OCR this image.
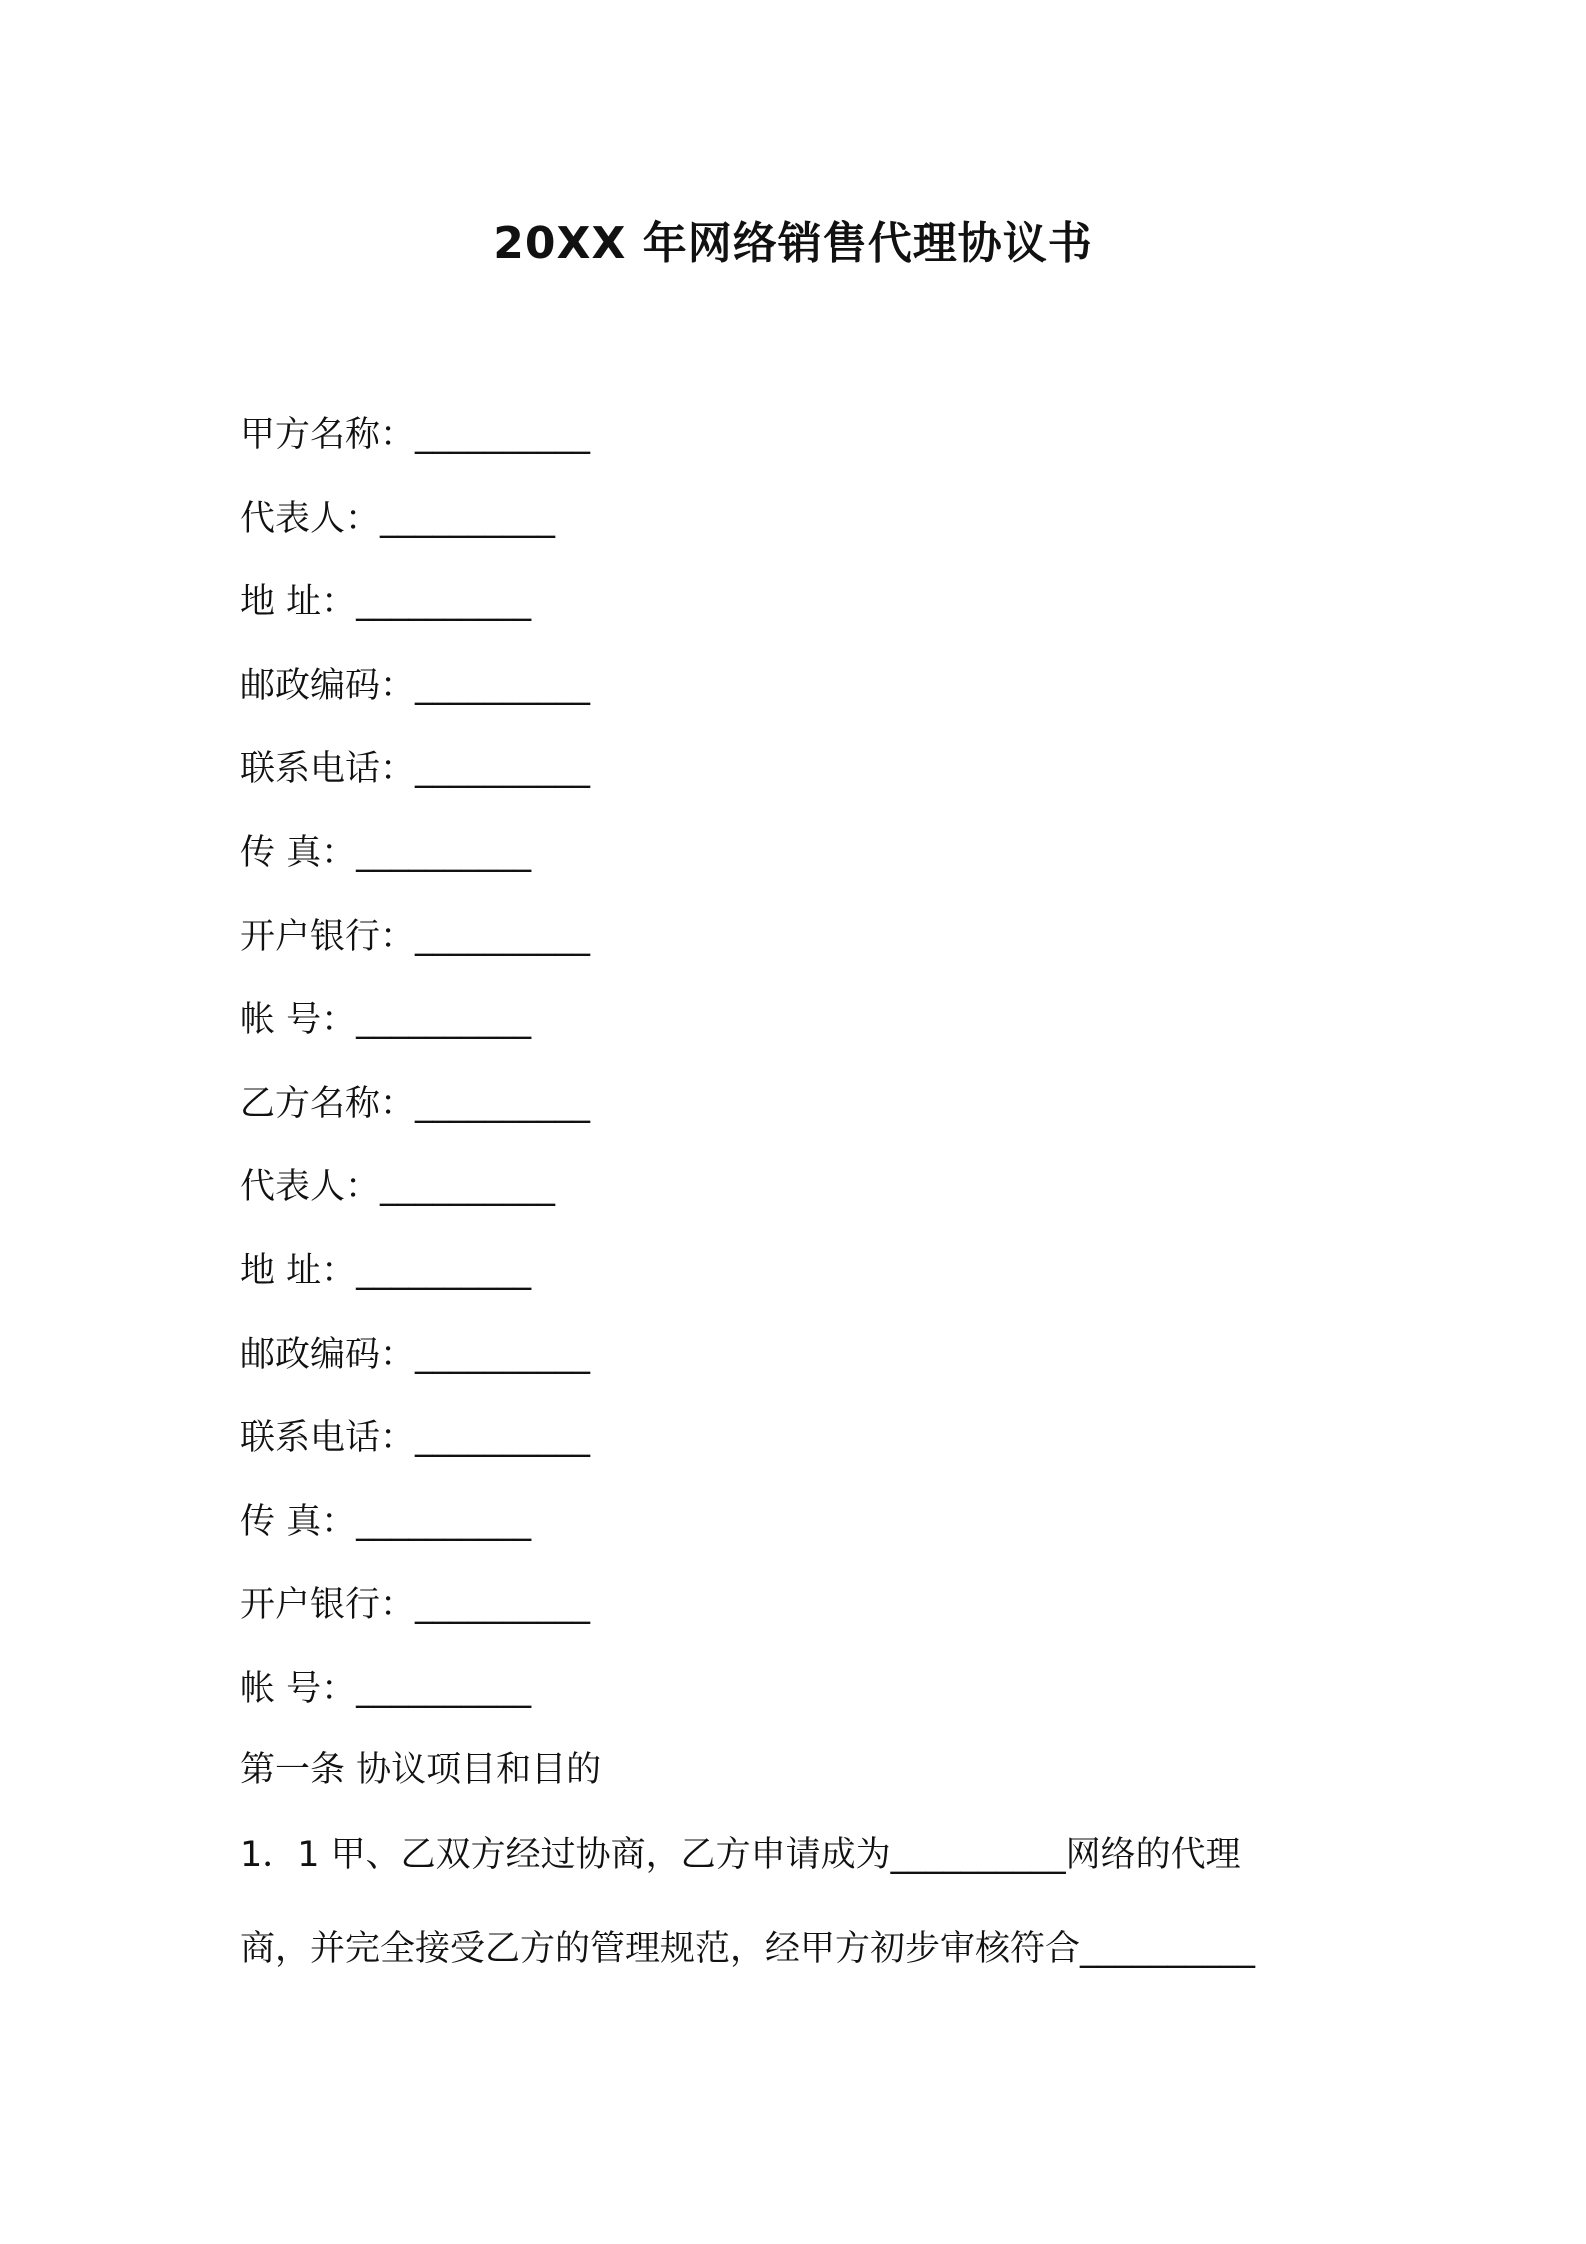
20XX 年网络销售代理协议书
甲方名称：__________
代表人：__________
地 址：__________
邮政编码：__________
联系电话：__________
传 真：__________
开户银行：__________
帐 号：__________
乙方名称：__________
代表人：__________
地 址：__________
邮政编码：__________
联系电话：__________
传 真：__________
开户银行：__________
帐 号：__________
第一条 协议项目和目的
1．1 甲、乙双方经过协商，乙方申请成为__________网络的代理
商，并完全接受乙方的管理规范，经甲方初步审核符合__________
